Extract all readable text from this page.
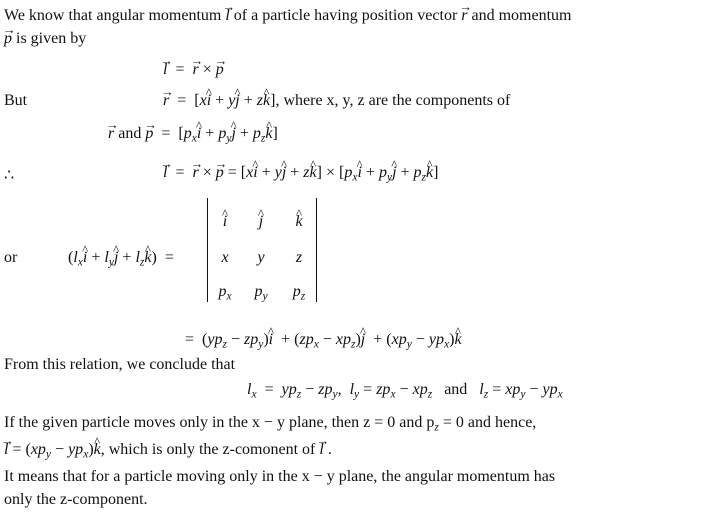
We know that angular momentum → l of a particle having position vector → r and momentum
→ p is given by
→ l  =  → r × → p
But	→ r  =  [x^ i + y^ j + z^ k], where x, y, z are the components of
→ r and → $p = [p_x\^{}$ $i + p_y\^{}$ $j + p_z\^{}$ k]
∴	→ l  =  → r × → p = [x^ i + y^ j + z^ $k] \times [p_x\^{}$ $i + p_y\^{}$ $j + p_z\^{}$ k]
or	($l_x\^{}$ $i + l_y\^{}$ $j + l_z\^{}$ k)  =
^ i	^ j	^ k
x	y	z
$p_x$	$p_y$	$p_z$
=  ($yp_z$ − $zp_y)\^{}$ $i + (zp_x$ − $xp_z)\^{}$ $j + (xp_y$ − $yp_x)\^{}$ k
From this relation, we conclude that
$l_x = yp_z - zp_y$,  $l_y = zp_x - xp_z$ and $l_z = xp_y - yp_x$
If the given particle moves only in the x − y plane, then z = 0 and $p_z = 0$ and hence,
→ $l = (xp_y$ − $yp_x)\^{}$ k, which is only the z-comonent of → l .
It means that for a particle moving only in the x − y plane, the angular momentum has
only the z-component.
